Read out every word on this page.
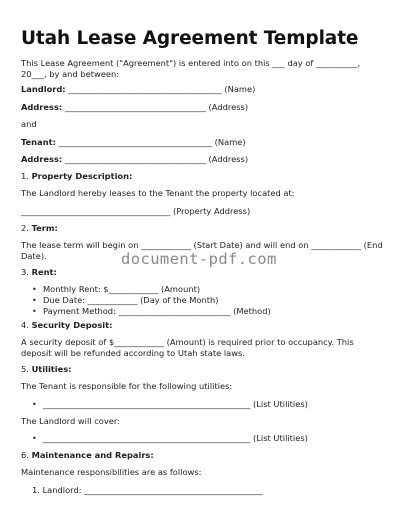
Utah Lease Agreement Template
This Lease Agreement ("Agreement") is entered into on this ___ day of __________, 20___, by and between:
Landlord: _____________________________________ (Name)
Address: __________________________________ (Address)
and
Tenant: _____________________________________ (Name)
Address: __________________________________ (Address)
1. Property Description:
The Landlord hereby leases to the Tenant the property located at:
____________________________________ (Property Address)
2. Term:
The lease term will begin on ____________ (Start Date) and will end on ____________ (End Date).
3. Rent:
• Monthly Rent: $____________ (Amount)
• Due Date: ____________ (Day of the Month)
• Payment Method: ___________________________ (Method)
4. Security Deposit:
A security deposit of $____________ (Amount) is required prior to occupancy. This deposit will be refunded according to Utah state laws.
5. Utilities:
The Tenant is responsible for the following utilities:
• __________________________________________________ (List Utilities)
The Landlord will cover:
• __________________________________________________ (List Utilities)
6. Maintenance and Repairs:
Maintenance responsibilities are as follows:
1. Landlord: ___________________________________________
document-pdf.com
